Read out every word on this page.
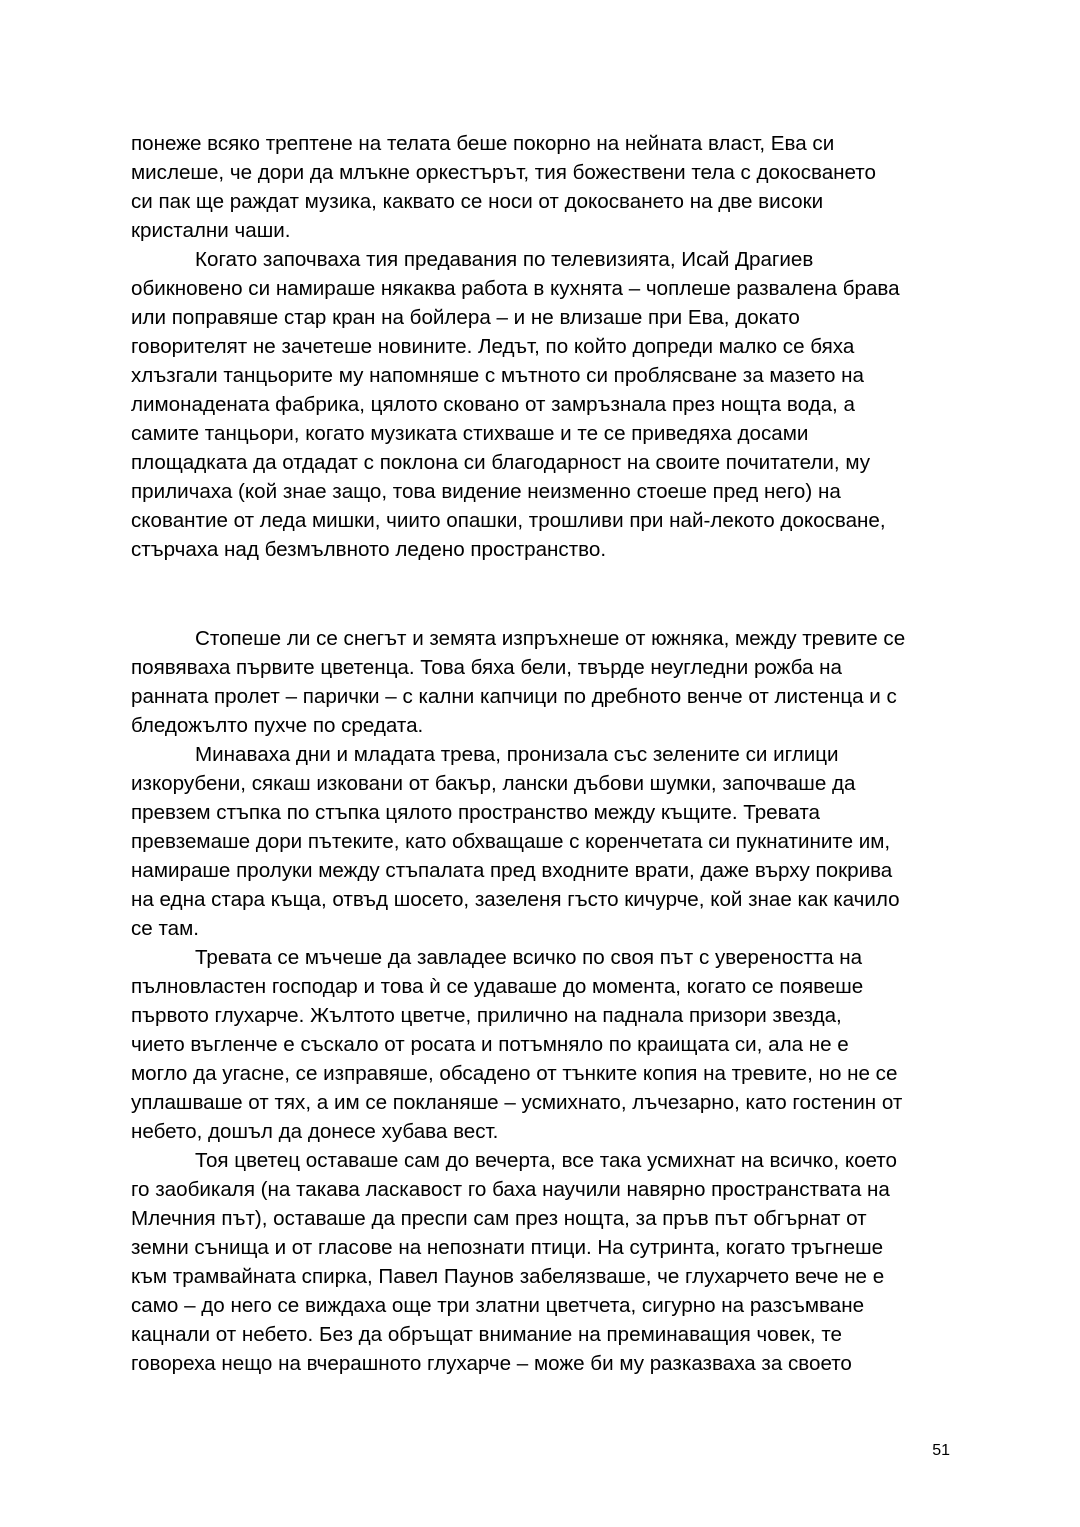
понеже всяко трептене на телата беше покорно на нейната власт, Ева си
мислеше, че дори да млъкне оркестърът, тия божествени тела с докосването
си пак ще раждат музика, каквато се носи от докосването на две високи
кристални чаши.
Когато започваха тия предавания по телевизията, Исай Драгиев
обикновено си намираше някаква работа в кухнята – чоплеше развалена брава
или поправяше стар кран на бойлера – и не влизаше при Ева, докато
говорителят не зачетеше новините. Ледът, по който допреди малко се бяха
хлъзгали танцьорите му напомняше с мътното си проблясване за мазето на
лимонадената фабрика, цялото сковано от замръзнала през нощта вода, а
самите танцьори, когато музиката стихваше и те се приведяха досами
площадката да отдадат с поклона си благодарност на своите почитатели, му
приличаха (кой знае защо, това видение неизменно стоеше пред него) на
сковантие от леда мишки, чиито опашки, трошливи при най-лекото докосване,
стърчаха над безмълвното ледено пространство.
Стопеше ли се снегът и земята изпръхнеше от южняка, между тревите се
появяваха първите цветенца. Това бяха бели, твърде неугледни рожба на
ранната пролет – парички – с кални капчици по дребното венче от листенца и с
бледожълто пухче по средата.
Минаваха дни и младата трева, пронизала със зелените си иглици
изкорубени, сякаш изковани от бакър, лански дъбови шумки, започваше да
превзем стъпка по стъпка цялото пространство между къщите. Тревата
превземаше дори пътеките, като обхващаше с коренчетата си пукнатините им,
намираше пролуки между стъпалата пред входните врати, даже върху покрива
на една стара къща, отвъд шосето, зазеленя гъсто кичурче, кой знае как качило
се там.
Тревата се мъчеше да завладее всичко по своя път с увереността на
пълновластен господар и това ѝ се удаваше до момента, когато се появеше
първото глухарче. Жълтото цветче, прилично на паднала призори звезда,
чието въгленче е съскало от росата и потъмняло по краищата си, ала не е
могло да угасне, се изправяше, обсадено от тънките копия на тревите, но не се
уплашваше от тях, а им се покланяше – усмихнато, лъчезарно, като гостенин от
небето, дошъл да донесе хубава вест.
Тоя цветец оставаше сам до вечерта, все така усмихнат на всичко, което
го заобикаля (на такава ласкавост го баха научили навярно пространствата на
Млечния път), оставаше да преспи сам през нощта, за пръв път обгърнат от
земни сънища и от гласове на непознати птици. На сутринта, когато тръгнеше
към трамвайната спирка, Павел Паунов забелязваше, че глухарчето вече не е
само – до него се виждаха още три златни цветчета, сигурно на разсъмване
кацнали от небето. Без да обръщат внимание на преминаващия човек, те
говореха нещо на вчерашното глухарче – може би му разказваха за своето
51
